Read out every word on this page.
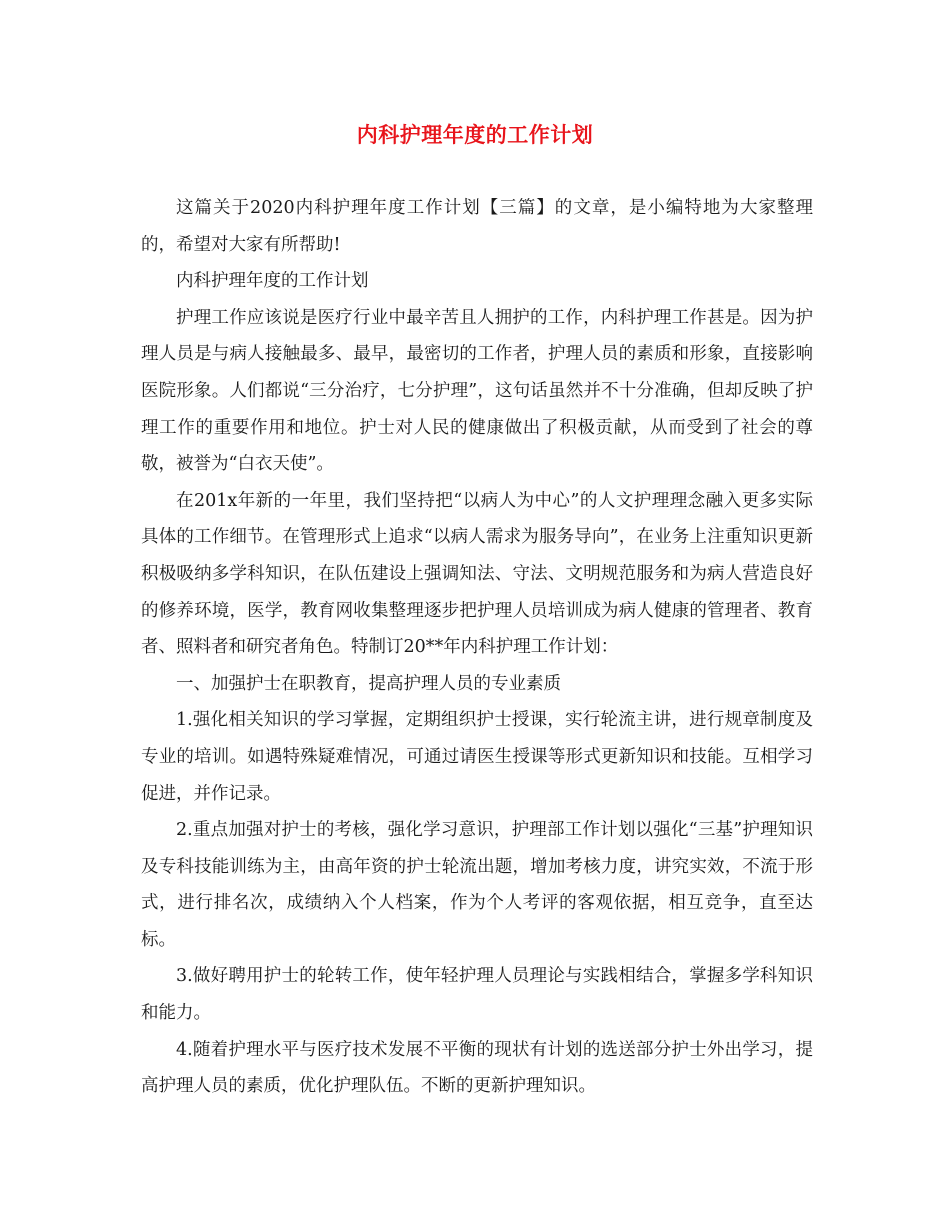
内科护理年度的工作计划

这篇关于2020内科护理年度工作计划【三篇】的文章，是小编特地为大家整理的，希望对大家有所帮助!

内科护理年度的工作计划

护理工作应该说是医疗行业中最辛苦且人拥护的工作，内科护理工作甚是。因为护理人员是与病人接触最多、最早，最密切的工作者，护理人员的素质和形象，直接影响医院形象。人们都说“三分治疗，七分护理”，这句话虽然并不十分准确，但却反映了护理工作的重要作用和地位。护士对人民的健康做出了积极贡献，从而受到了社会的尊敬，被誉为“白衣天使”。

在201x年新的一年里，我们坚持把“以病人为中心”的人文护理理念融入更多实际具体的工作细节。在管理形式上追求“以病人需求为服务导向”，在业务上注重知识更新积极吸纳多学科知识，在队伍建设上强调知法、守法、文明规范服务和为病人营造良好的修养环境，医学，教育网收集整理逐步把护理人员培训成为病人健康的管理者、教育者、照料者和研究者角色。特制订20**年内科护理工作计划：

一、加强护士在职教育，提高护理人员的专业素质

1.强化相关知识的学习掌握，定期组织护士授课，实行轮流主讲，进行规章制度及专业的培训。如遇特殊疑难情况，可通过请医生授课等形式更新知识和技能。互相学习促进，并作记录。

2.重点加强对护士的考核，强化学习意识，护理部工作计划以强化“三基”护理知识及专科技能训练为主，由高年资的护士轮流出题，增加考核力度，讲究实效，不流于形式，进行排名次，成绩纳入个人档案，作为个人考评的客观依据，相互竞争，直至达标。

3.做好聘用护士的轮转工作，使年轻护理人员理论与实践相结合，掌握多学科知识和能力。

4.随着护理水平与医疗技术发展不平衡的现状有计划的选送部分护士外出学习，提高护理人员的素质，优化护理队伍。不断的更新护理知识。
